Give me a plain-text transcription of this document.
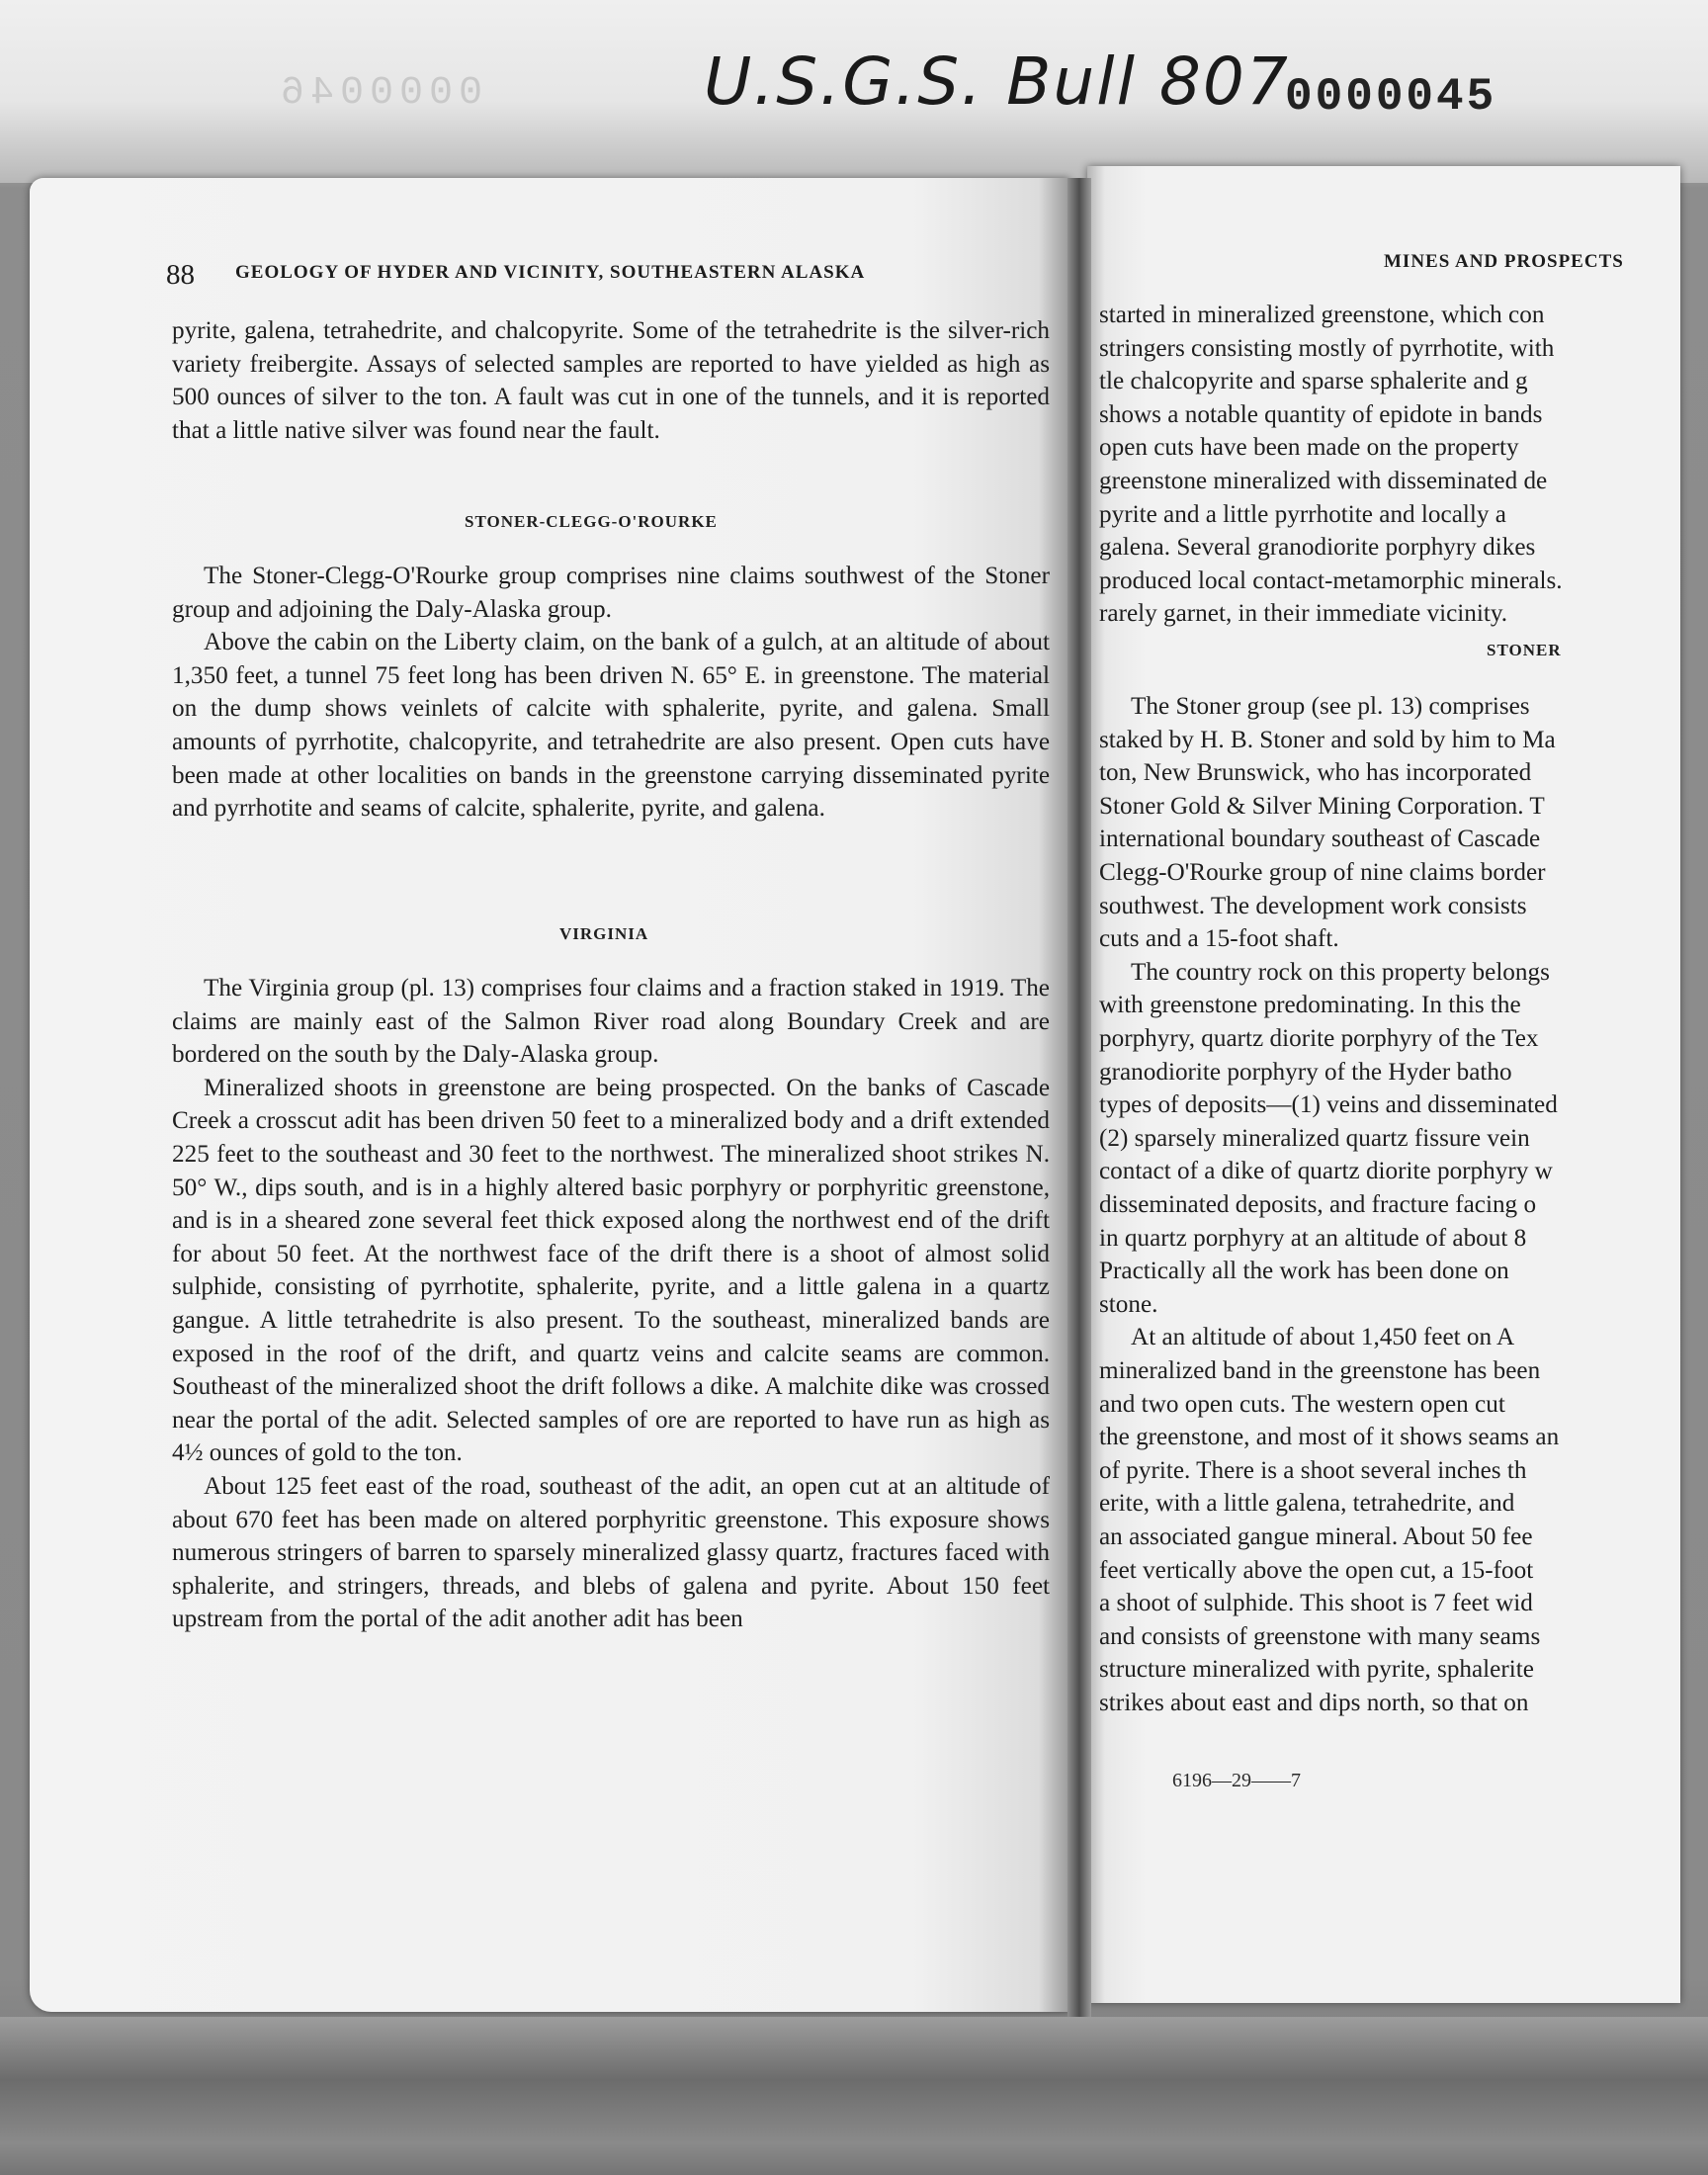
0000046	U.S.G.S. Bull 807
0000045
88 GEOLOGY OF HYDER AND VICINITY, SOUTHEASTERN ALASKA

pyrite, galena, tetrahedrite, and chalcopyrite. Some of the tetrahedrite is the silver-rich variety freibergite. Assays of selected samples are reported to have yielded as high as 500 ounces of silver to the ton. A fault was cut in one of the tunnels, and it is reported that a little native silver was found near the fault.

STONER-CLEGG-O'ROURKE

The Stoner-Clegg-O'Rourke group comprises nine claims southwest of the Stoner group and adjoining the Daly-Alaska group.

Above the cabin on the Liberty claim, on the bank of a gulch, at an altitude of about 1,350 feet, a tunnel 75 feet long has been driven N. 65° E. in greenstone. The material on the dump shows veinlets of calcite with sphalerite, pyrite, and galena. Small amounts of pyrrhotite, chalcopyrite, and tetrahedrite are also present. Open cuts have been made at other localities on bands in the greenstone carrying disseminated pyrite and pyrrhotite and seams of calcite, sphalerite, pyrite, and galena.

VIRGINIA

The Virginia group (pl. 13) comprises four claims and a fraction staked in 1919. The claims are mainly east of the Salmon River road along Boundary Creek and are bordered on the south by the Daly-Alaska group.

Mineralized shoots in greenstone are being prospected. On the banks of Cascade Creek a crosscut adit has been driven 50 feet to a mineralized body and a drift extended 225 feet to the southeast and 30 feet to the northwest. The mineralized shoot strikes N. 50° W., dips south, and is in a highly altered basic porphyry or porphyritic greenstone, and is in a sheared zone several feet thick exposed along the northwest end of the drift for about 50 feet. At the northwest face of the drift there is a shoot of almost solid sulphide, consisting of pyrrhotite, sphalerite, pyrite, and a little galena in a quartz gangue. A little tetrahedrite is also present. To the southeast, mineralized bands are exposed in the roof of the drift, and quartz veins and calcite seams are common. Southeast of the mineralized shoot the drift follows a dike. A malchite dike was crossed near the portal of the adit. Selected samples of ore are reported to have run as high as 4½ ounces of gold to the ton.

About 125 feet east of the road, southeast of the adit, an open cut at an altitude of about 670 feet has been made on altered porphyritic greenstone. This exposure shows numerous stringers of barren to sparsely mineralized glassy quartz, fractures faced with sphalerite, and stringers, threads, and blebs of galena and pyrite. About 150 feet upstream from the portal of the adit another adit has been

MINES AND PROSPECTS
started in mineralized greenstone, which con
stringers consisting mostly of pyrrhotite, with
tle chalcopyrite and sparse sphalerite and g
shows a notable quantity of epidote in bands
open cuts have been made on the property
greenstone mineralized with disseminated de
pyrite and a little pyrrhotite and locally a
galena. Several granodiorite porphyry dikes
produced local contact-metamorphic minerals.
rarely garnet, in their immediate vicinity.
STONER
The Stoner group (see pl. 13) comprises
staked by H. B. Stoner and sold by him to Ma
ton, New Brunswick, who has incorporated
Stoner Gold & Silver Mining Corporation. T
international boundary southeast of Cascade
Clegg-O'Rourke group of nine claims border
southwest. The development work consists
cuts and a 15-foot shaft.
The country rock on this property belongs
with greenstone predominating. In this the
porphyry, quartz diorite porphyry of the Tex
granodiorite porphyry of the Hyder batho
types of deposits—(1) veins and disseminated
(2) sparsely mineralized quartz fissure vein
contact of a dike of quartz diorite porphyry w
disseminated deposits, and fracture facing o
in quartz porphyry at an altitude of about 8
Practically all the work has been done on
stone.
At an altitude of about 1,450 feet on A
mineralized band in the greenstone has been
and two open cuts. The western open cut
the greenstone, and most of it shows seams an
of pyrite. There is a shoot several inches th
erite, with a little galena, tetrahedrite, and
an associated gangue mineral. About 50 fee
feet vertically above the open cut, a 15-foot
a shoot of sulphide. This shoot is 7 feet wid
and consists of greenstone with many seams
structure mineralized with pyrite, sphalerite
strikes about east and dips north, so that on
6196—29——7
